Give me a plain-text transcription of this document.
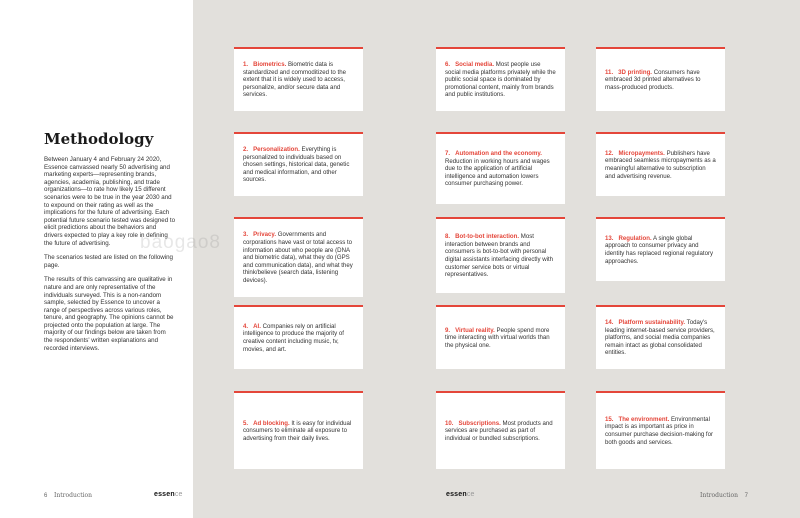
Methodology

Between January 4 and February 24 2020, Essence canvassed nearly 50 advertising and marketing experts—representing brands, agencies, academia, publishing, and trade organizations—to rate how likely 15 different scenarios were to be true in the year 2030 and to expound on their rating as well as the implications for the future of advertising. Each potential future scenario tested was designed to elicit predictions about the behaviors and drivers expected to play a key role in defining the future of advertising.

The scenarios tested are listed on the following page.

The results of this canvassing are qualitative in nature and are only representative of the individuals surveyed. This is a non-random sample, selected by Essence to uncover a range of perspectives across various roles, tenure, and geography. The opinions cannot be projected onto the population at large. The majority of our findings below are taken from the respondents' written explanations and recorded interviews.

6 Introduction	essence	essence	Introduction 7
1. Biometrics. Biometric data is standardized and commoditized to the extent that it is widely used to access, personalize, and/or secure data and services.
2. Personalization. Everything is personalized to individuals based on chosen settings, historical data, genetic and medical information, and other sources.
3. Privacy. Governments and corporations have vast or total access to information about who people are (DNA and biometric data), what they do (GPS and communication data), and what they think/believe (search data, listening devices).
4. AI. Companies rely on artificial intelligence to produce the majority of creative content including music, tv, movies, and art.
5. Ad blocking. It is easy for individual consumers to eliminate all exposure to advertising from their daily lives.
6. Social media. Most people use social media platforms privately while the public social space is dominated by promotional content, mainly from brands and public institutions.
7. Automation and the economy. Reduction in working hours and wages due to the application of artificial intelligence and automation lowers consumer purchasing power.
8. Bot-to-bot interaction. Most interaction between brands and consumers is bot-to-bot with personal digital assistants interfacing directly with customer service bots or virtual representatives.
9. Virtual reality. People spend more time interacting with virtual worlds than the physical one.
10. Subscriptions. Most products and services are purchased as part of individual or bundled subscriptions.
11. 3D printing. Consumers have embraced 3d printed alternatives to mass-produced products.
12. Micropayments. Publishers have embraced seamless micropayments as a meaningful alternative to subscription and advertising revenue.
13. Regulation. A single global approach to consumer privacy and identity has replaced regional regulatory approaches.
14. Platform sustainability. Today's leading internet-based service providers, platforms, and social media companies remain intact as global consolidated entities.
15. The environment. Environmental impact is as important as price in consumer purchase decision-making for both goods and services.
baogao8
